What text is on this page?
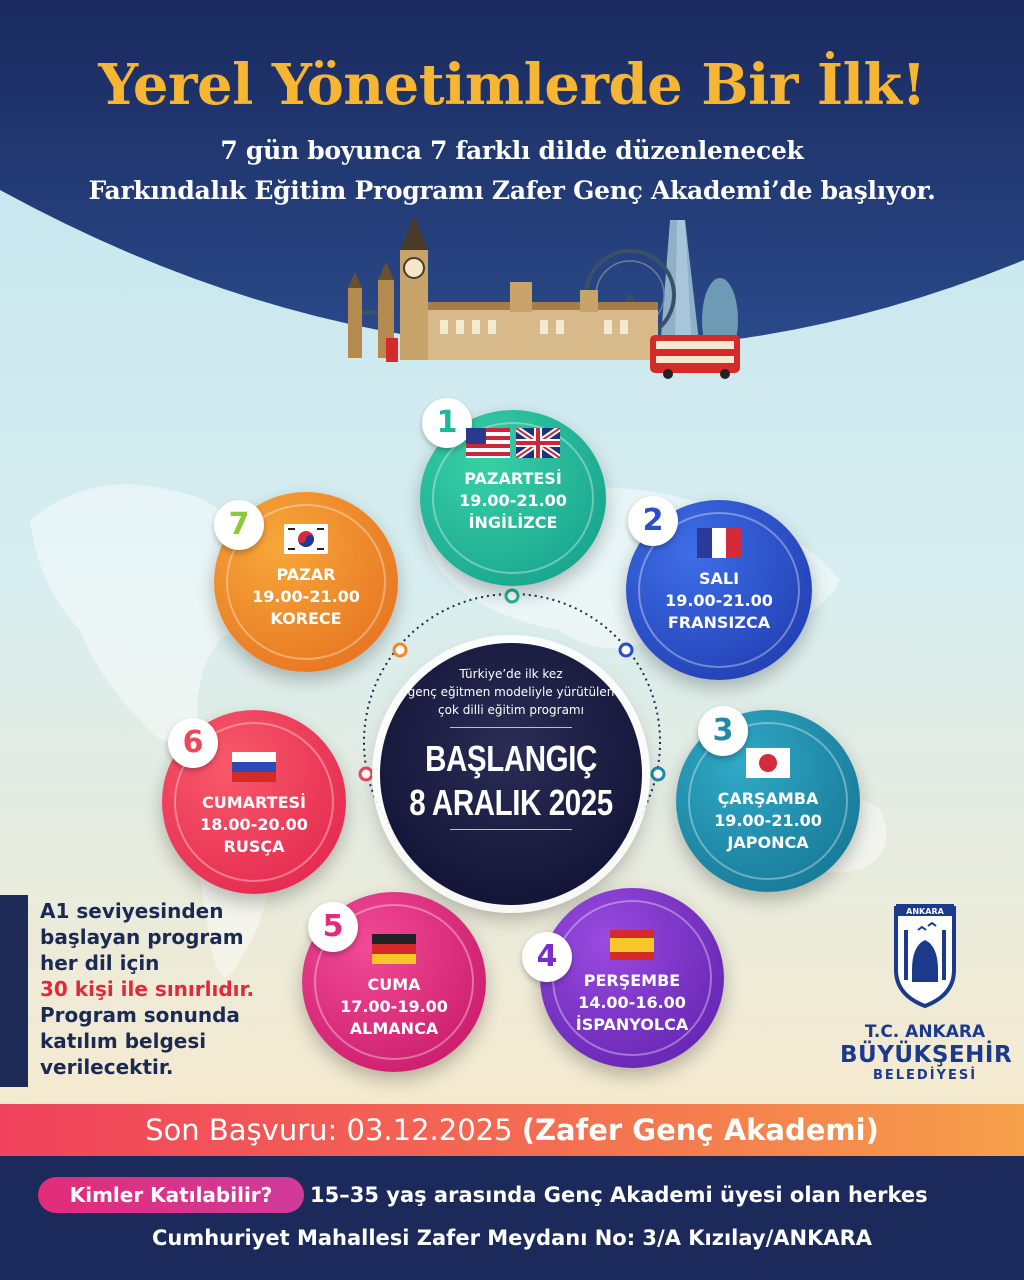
Yerel Yönetimlerde Bir İlk!
7 gün boyunca 7 farklı dilde düzenlenecek
Farkındalık Eğitim Programı Zafer Genç Akademi’de başlıyor.
Türkiye’de ilk kez
genç eğitmen modeliyle yürütülen
çok dilli eğitim programı
BAŞLANGIÇ
8 ARALIK 2025
1
PAZARTESİ
19.00-21.00
İNGİLİZCE	2
SALI
19.00-21.00
FRANSIZCA
3
ÇARŞAMBA
19.00-21.00
JAPONCA
4
PERŞEMBE
14.00-16.00
İSPANYOLCA
5
CUMA
17.00-19.00
ALMANCA
6
CUMARTESİ
18.00-20.00
RUSÇA
7
PAZAR
19.00-21.00
KORECE
A1 seviyesinden
başlayan program
her dil için
30 kişi ile sınırlıdır.
Program sonunda
katılım belgesi
verilecektir.
ANKARA
T.C. ANKARA
BÜYÜKŞEHİR
BELEDİYESİ
Son Başvuru: 03.12.2025 (Zafer Genç Akademi)
Kimler Katılabilir?	15–35 yaş arasında Genç Akademi üyesi olan herkes
Cumhuriyet Mahallesi Zafer Meydanı No: 3/A Kızılay/ANKARA
